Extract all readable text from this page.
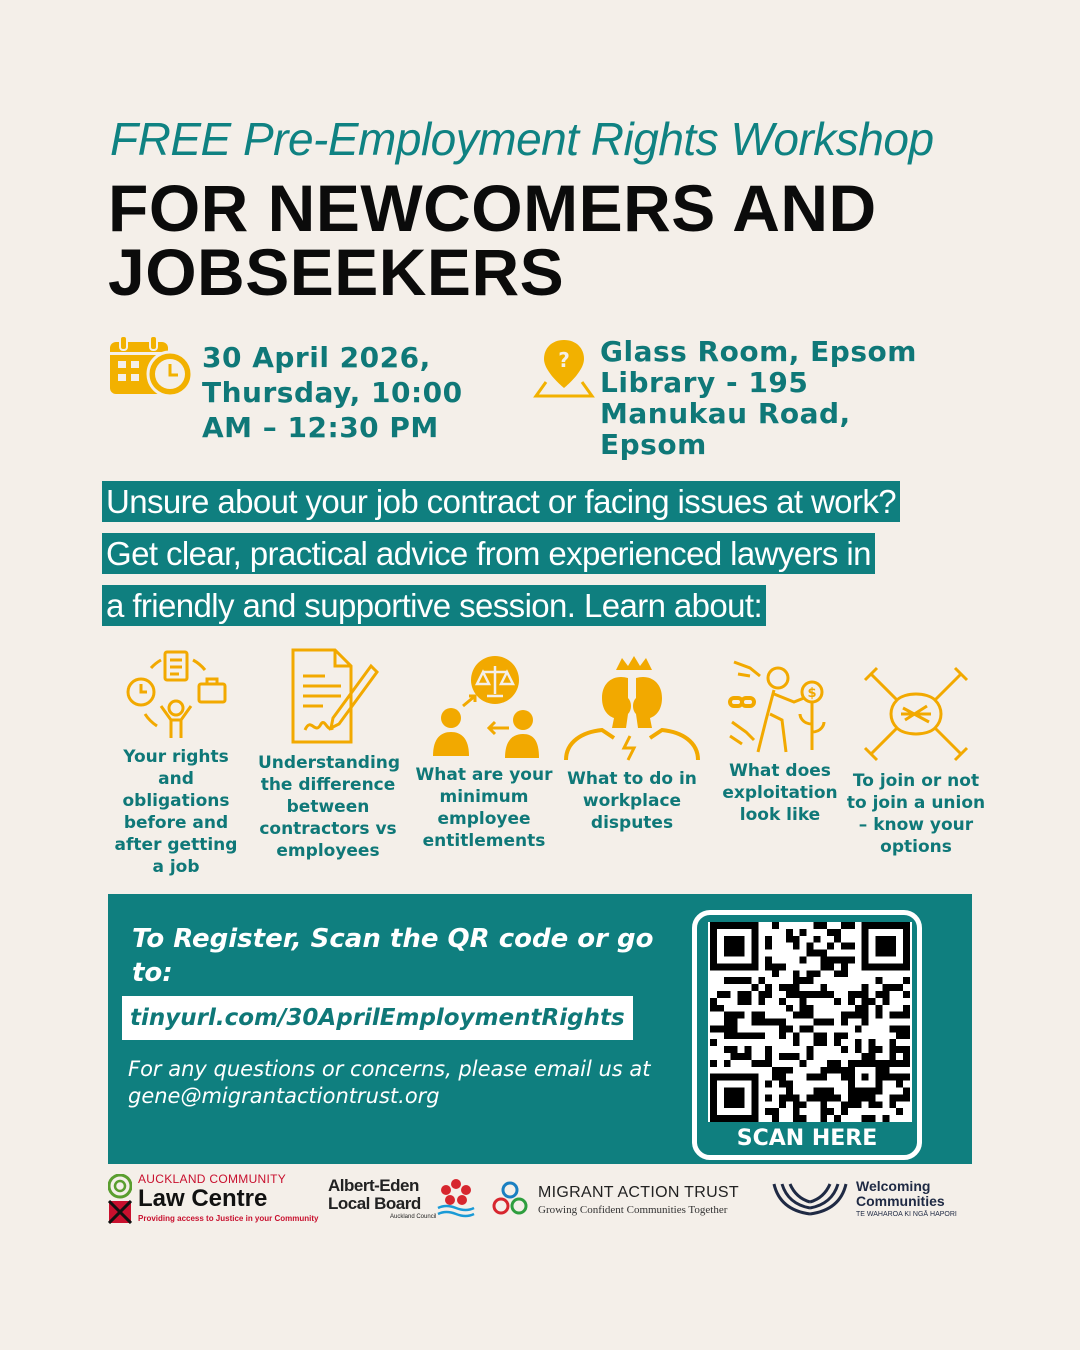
FREE Pre-Employment Rights Workshop
FOR NEWCOMERS AND JOBSEEKERS
30 April 2026, Thursday, 10:00 AM – 12:30 PM
? Glass Room, Epsom Library - 195 Manukau Road, Epsom
Unsure about your job contract or facing issues at work?
Get clear, practical advice from experienced lawyers in
a friendly and supportive session. Learn about:
Your rights and obligations before and after getting a job
Understanding the difference between contractors vs employees
What are your minimum employee entitlements
What to do in workplace disputes
$
What does exploitation look like
To join or not to join a union – know your options
To Register, Scan the QR code or go to:
tinyurl.com/30AprilEmploymentRights
For any questions or concerns, please email us at gene@migrantactiontrust.org
SCAN HERE
AUCKLAND COMMUNITY
Law Centre
Providing access to Justice in your Community
Albert-Eden
Local Board
Auckland Council
MIGRANT ACTION TRUST
Growing Confident Communities Together
Welcoming
Communities
TE WAHAROA KI NGĀ HAPORI
